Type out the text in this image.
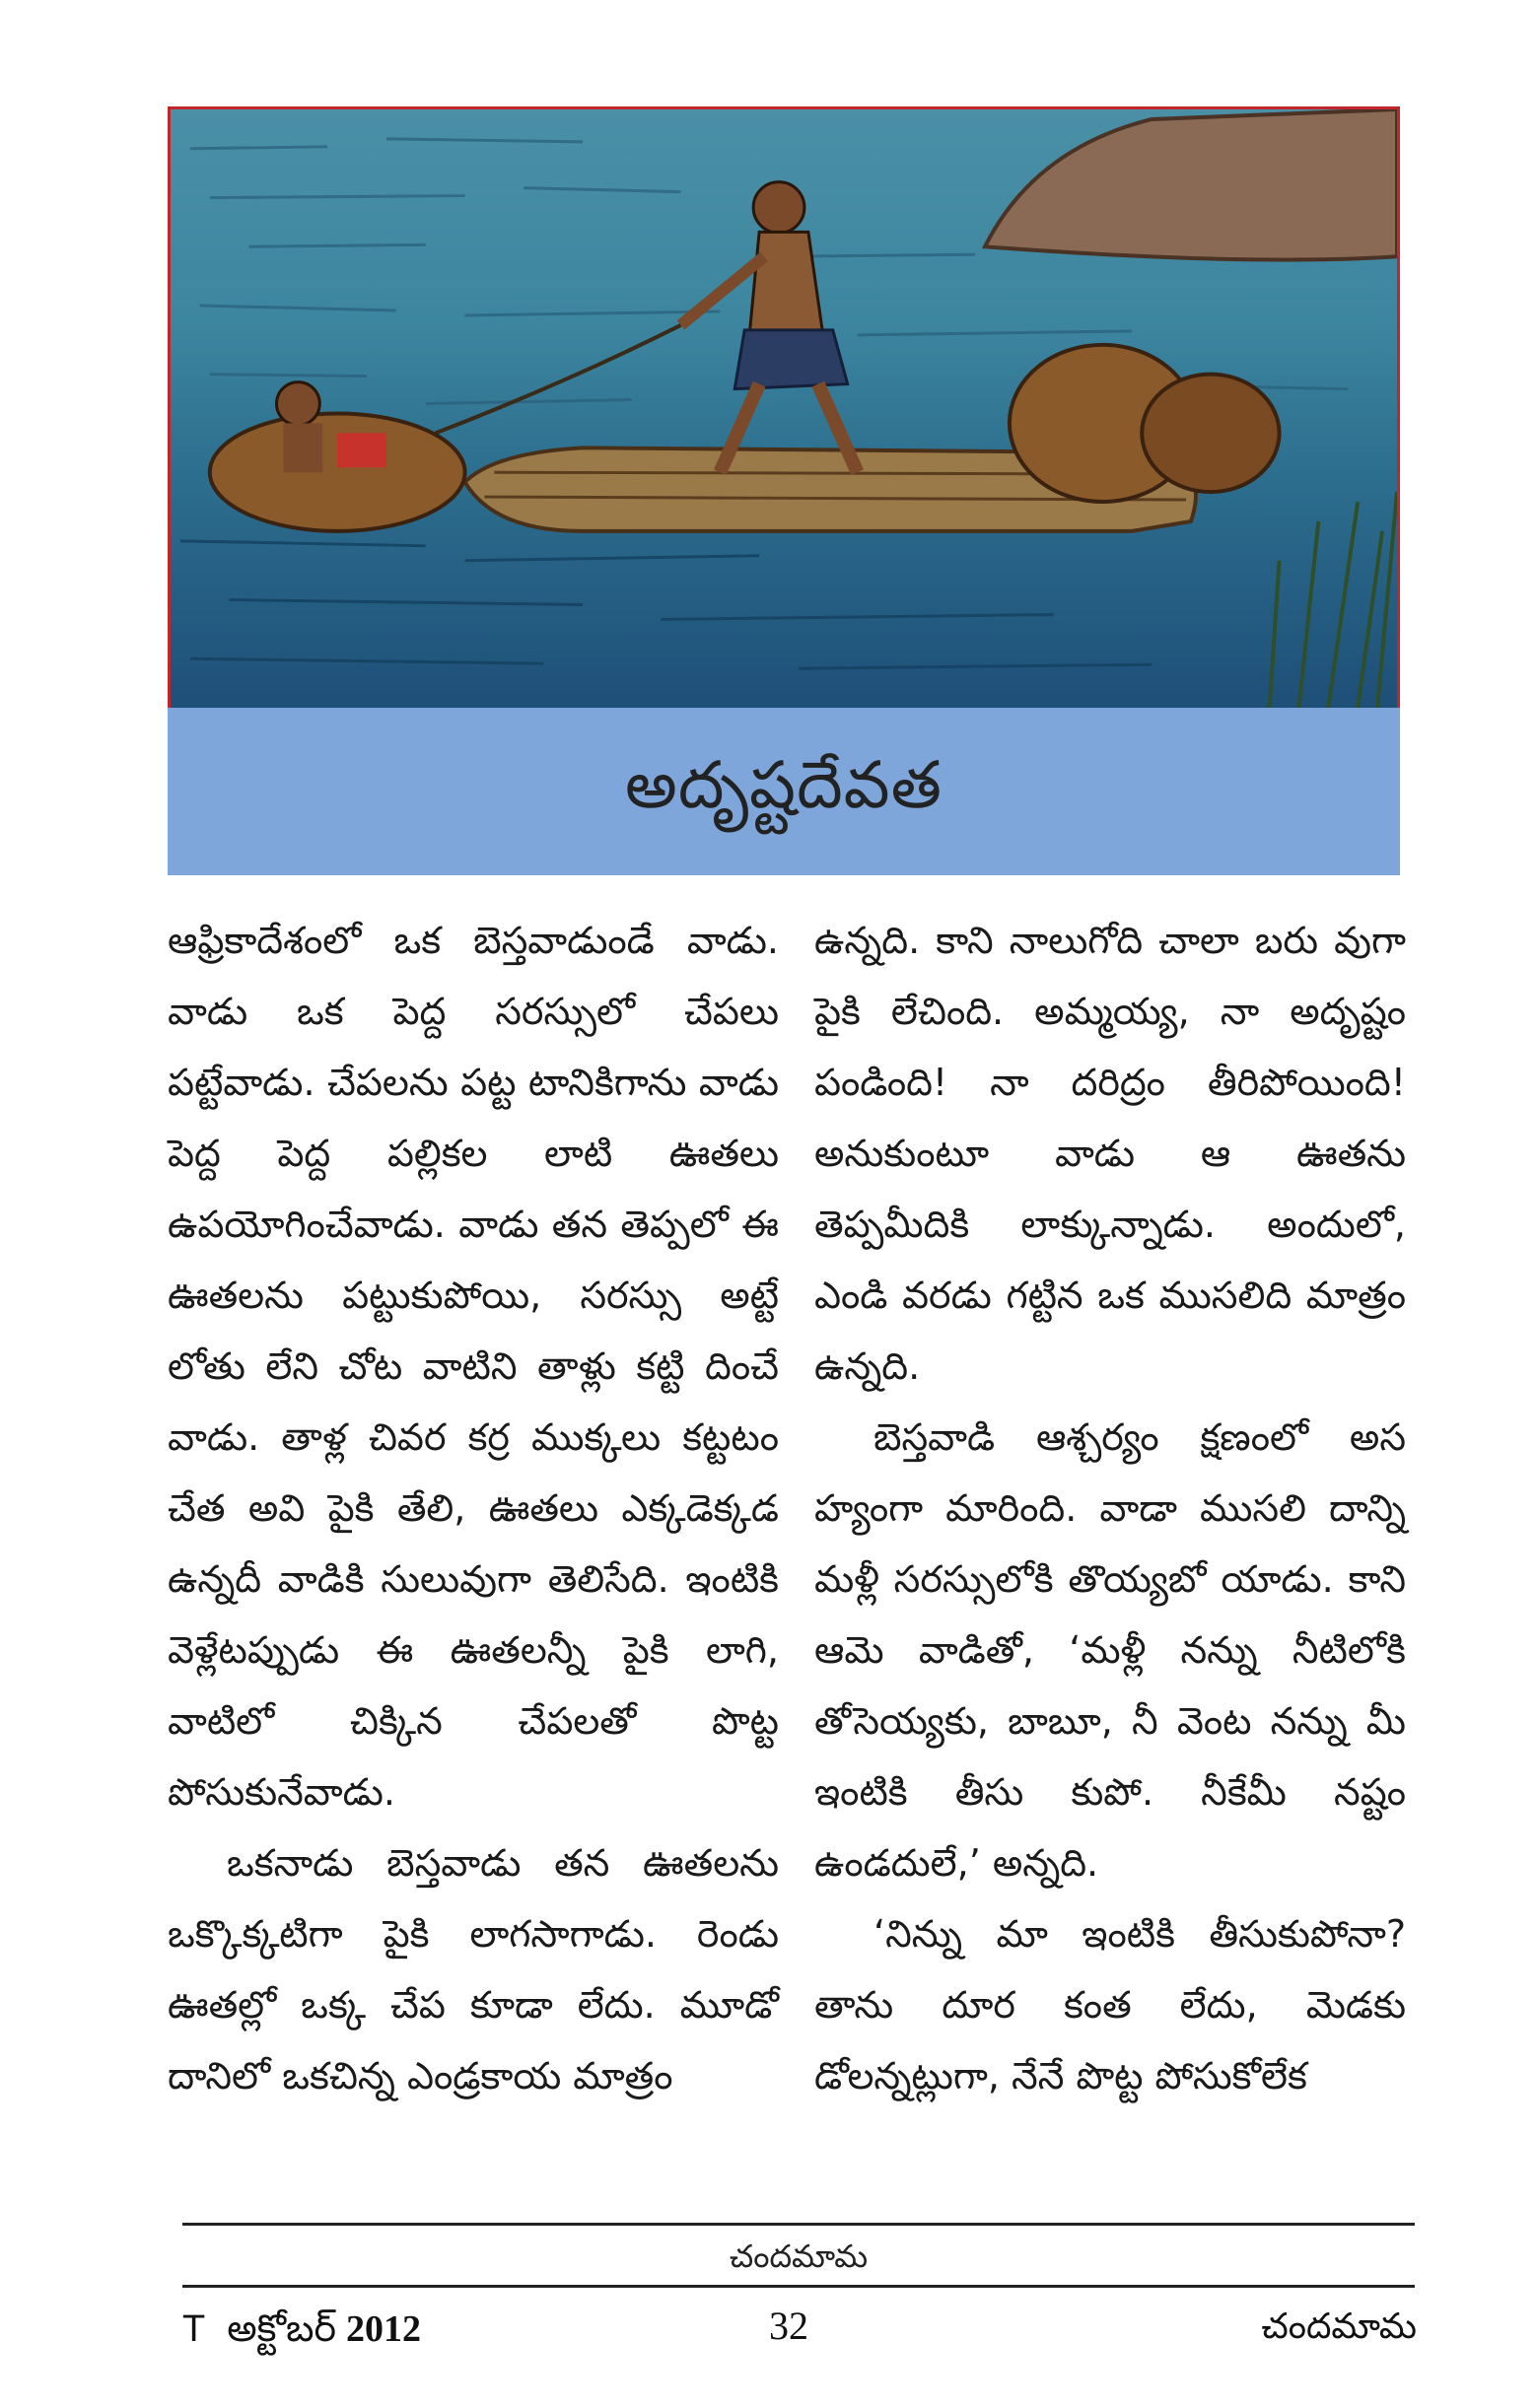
అదృష్టదేవత

ఆఫ్రికాదేశంలో ఒక బెస్తవాడుండే వాడు. వాడు ఒక పెద్ద సరస్సులో చేపలు పట్టేవాడు. చేపలను పట్ట టానికిగాను వాడు పెద్ద పెద్ద పల్లికల లాటి ఊతలు ఉపయోగించేవాడు. వాడు తన తెప్పలో ఈ ఊతలను పట్టుకుపోయి, సరస్సు అట్టే లోతు లేని చోట వాటిని తాళ్లు కట్టి దించే వాడు. తాళ్ల చివర కర్ర ముక్కలు కట్టటం చేత అవి పైకి తేలి, ఊతలు ఎక్కడెక్కడ ఉన్నదీ వాడికి సులువుగా తెలిసేది. ఇంటికి వెళ్లేటప్పుడు ఈ ఊతలన్నీ పైకి లాగి, వాటిలో చిక్కిన చేపలతో పొట్ట పోసుకునేవాడు.

ఒకనాడు బెస్తవాడు తన ఊతలను ఒక్కొక్కటిగా పైకి లాగసాగాడు. రెండు ఊతల్లో ఒక్క చేప కూడా లేదు. మూడో దానిలో ఒకచిన్న ఎండ్రకాయ మాత్రం

ఉన్నది. కాని నాలుగోది చాలా బరు వుగా పైకి లేచింది. అమ్మయ్య, నా అదృష్టం పండింది! నా దరిద్రం తీరిపోయింది! అనుకుంటూ వాడు ఆ ఊతను తెప్పమీదికి లాక్కున్నాడు. అందులో, ఎండి వరడు గట్టిన ఒక ముసలిది మాత్రం ఉన్నది.

బెస్తవాడి ఆశ్చర్యం క్షణంలో అస హ్యంగా మారింది. వాడా ముసలి దాన్ని మళ్లీ సరస్సులోకి తొయ్యబో యాడు. కాని ఆమె వాడితో, ‘మళ్లీ నన్ను నీటిలోకి తోసెయ్యకు, బాబూ, నీ వెంట నన్ను మీ ఇంటికి తీసు కుపో. నీకేమీ నష్టం ఉండదులే,’ అన్నది.

‘నిన్ను మా ఇంటికి తీసుకుపోనా? తాను దూర కంత లేదు, మెడకు డోలన్నట్లుగా, నేనే పొట్ట పోసుకోలేక

చందమామ
T అక్టోబర్ 2012	32	చందమామ
